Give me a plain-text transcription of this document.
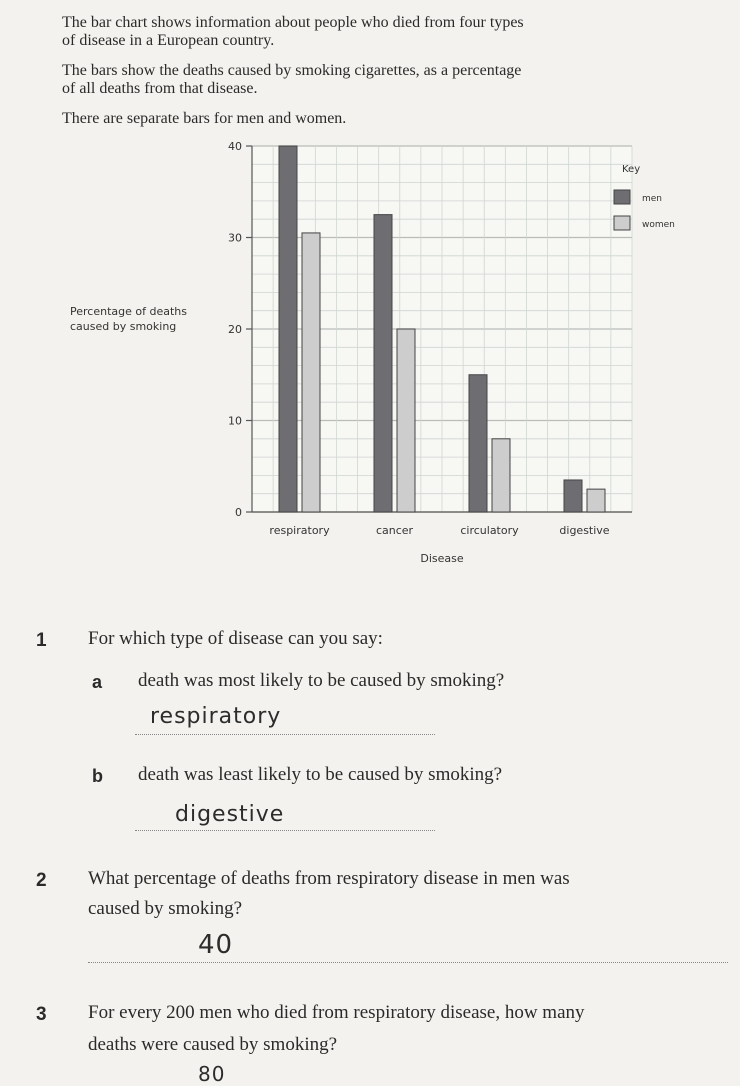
The bar chart shows information about people who died from four types

of disease in a European country.

The bars show the deaths caused by smoking cigarettes, as a percentage

of all deaths from that disease.

There are separate bars for men and women.

0
10
20
30
40
Percentage of deaths
caused by smoking
respiratory	cancer	circulatory	digestive
Disease
Key
men
women
1 For which type of disease can you say:

a death was most likely to be caused by smoking?

respiratory
b death was least likely to be caused by smoking?

digestive
2 What percentage of deaths from respiratory disease in men was

caused by smoking?

40
3 For every 200 men who died from respiratory disease, how many

deaths were caused by smoking?

80
